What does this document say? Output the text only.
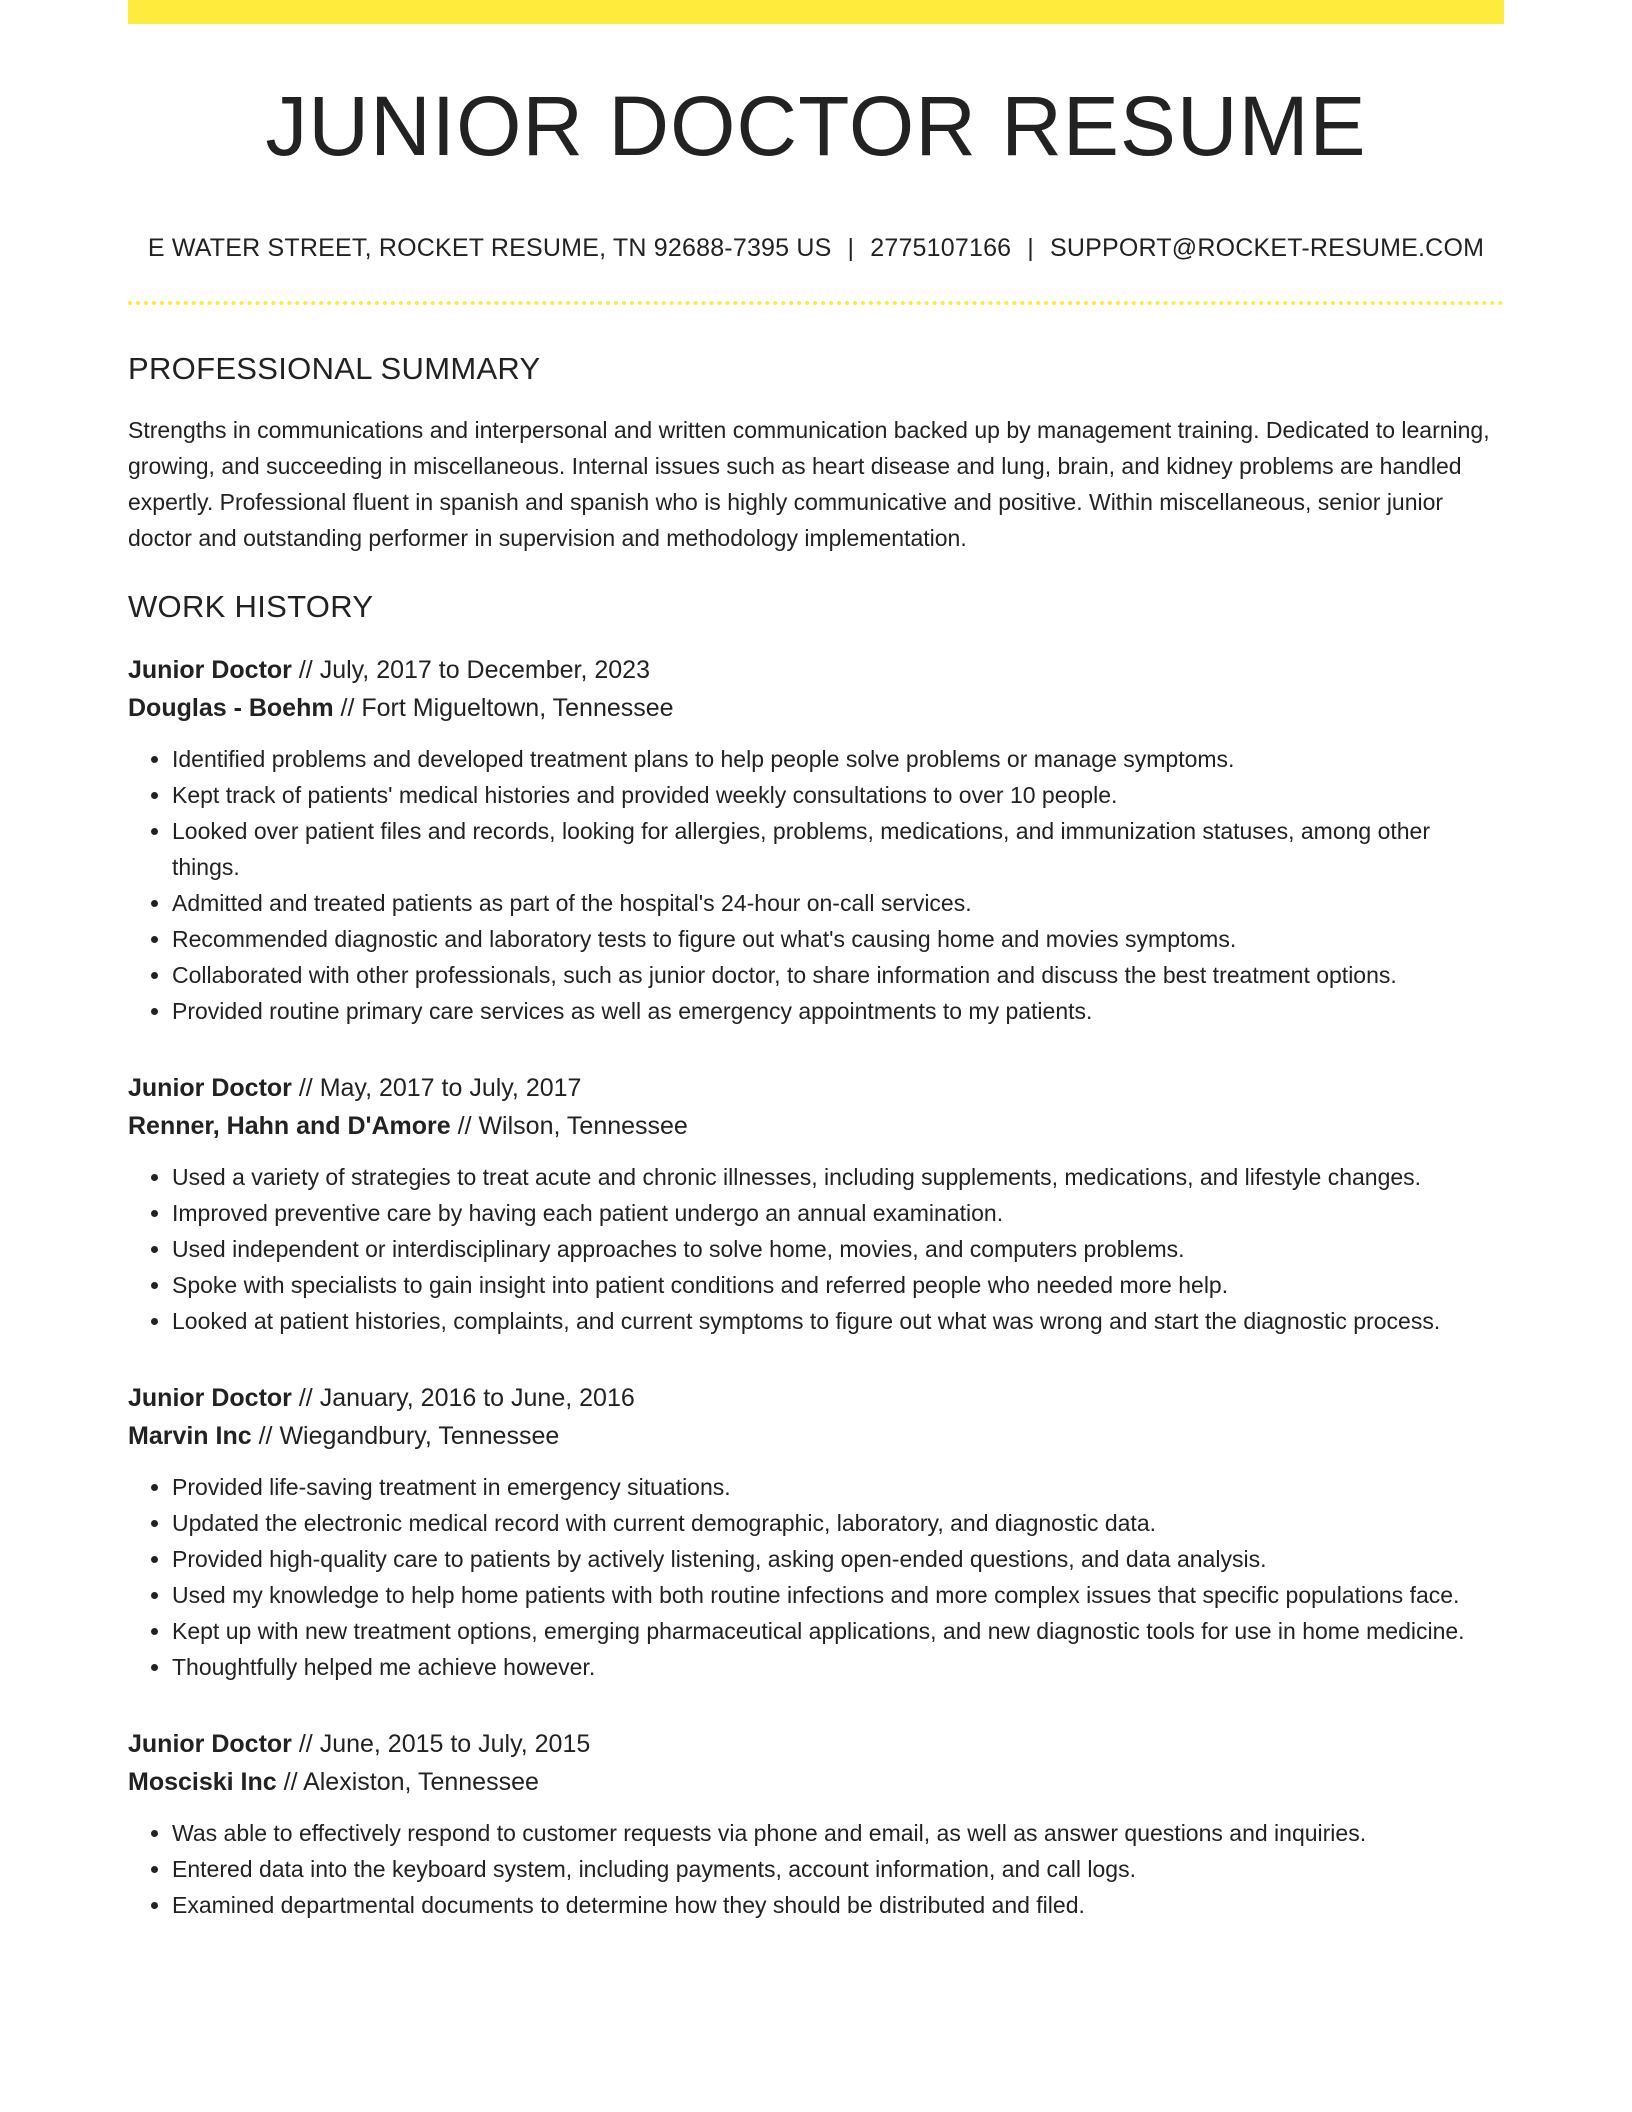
JUNIOR DOCTOR RESUME
E WATER STREET, ROCKET RESUME, TN 92688-7395 US | 2775107166 | SUPPORT@ROCKET-RESUME.COM
PROFESSIONAL SUMMARY

Strengths in communications and interpersonal and written communication backed up by management training. Dedicated to learning, growing, and succeeding in miscellaneous. Internal issues such as heart disease and lung, brain, and kidney problems are handled expertly. Professional fluent in spanish and spanish who is highly communicative and positive. Within miscellaneous, senior junior doctor and outstanding performer in supervision and methodology implementation.

WORK HISTORY
Junior Doctor // July, 2017 to December, 2023
Douglas - Boehm // Fort Migueltown, Tennessee
• Identified problems and developed treatment plans to help people solve problems or manage symptoms.
• Kept track of patients' medical histories and provided weekly consultations to over 10 people.
• Looked over patient files and records, looking for allergies, problems, medications, and immunization statuses, among other things.
• Admitted and treated patients as part of the hospital's 24-hour on-call services.
• Recommended diagnostic and laboratory tests to figure out what's causing home and movies symptoms.
• Collaborated with other professionals, such as junior doctor, to share information and discuss the best treatment options.
• Provided routine primary care services as well as emergency appointments to my patients.
Junior Doctor // May, 2017 to July, 2017
Renner, Hahn and D'Amore // Wilson, Tennessee
• Used a variety of strategies to treat acute and chronic illnesses, including supplements, medications, and lifestyle changes.
• Improved preventive care by having each patient undergo an annual examination.
• Used independent or interdisciplinary approaches to solve home, movies, and computers problems.
• Spoke with specialists to gain insight into patient conditions and referred people who needed more help.
• Looked at patient histories, complaints, and current symptoms to figure out what was wrong and start the diagnostic process.
Junior Doctor // January, 2016 to June, 2016
Marvin Inc // Wiegandbury, Tennessee
• Provided life-saving treatment in emergency situations.
• Updated the electronic medical record with current demographic, laboratory, and diagnostic data.
• Provided high-quality care to patients by actively listening, asking open-ended questions, and data analysis.
• Used my knowledge to help home patients with both routine infections and more complex issues that specific populations face.
• Kept up with new treatment options, emerging pharmaceutical applications, and new diagnostic tools for use in home medicine.
• Thoughtfully helped me achieve however.
Junior Doctor // June, 2015 to July, 2015
Mosciski Inc // Alexiston, Tennessee
• Was able to effectively respond to customer requests via phone and email, as well as answer questions and inquiries.
• Entered data into the keyboard system, including payments, account information, and call logs.
• Examined departmental documents to determine how they should be distributed and filed.
